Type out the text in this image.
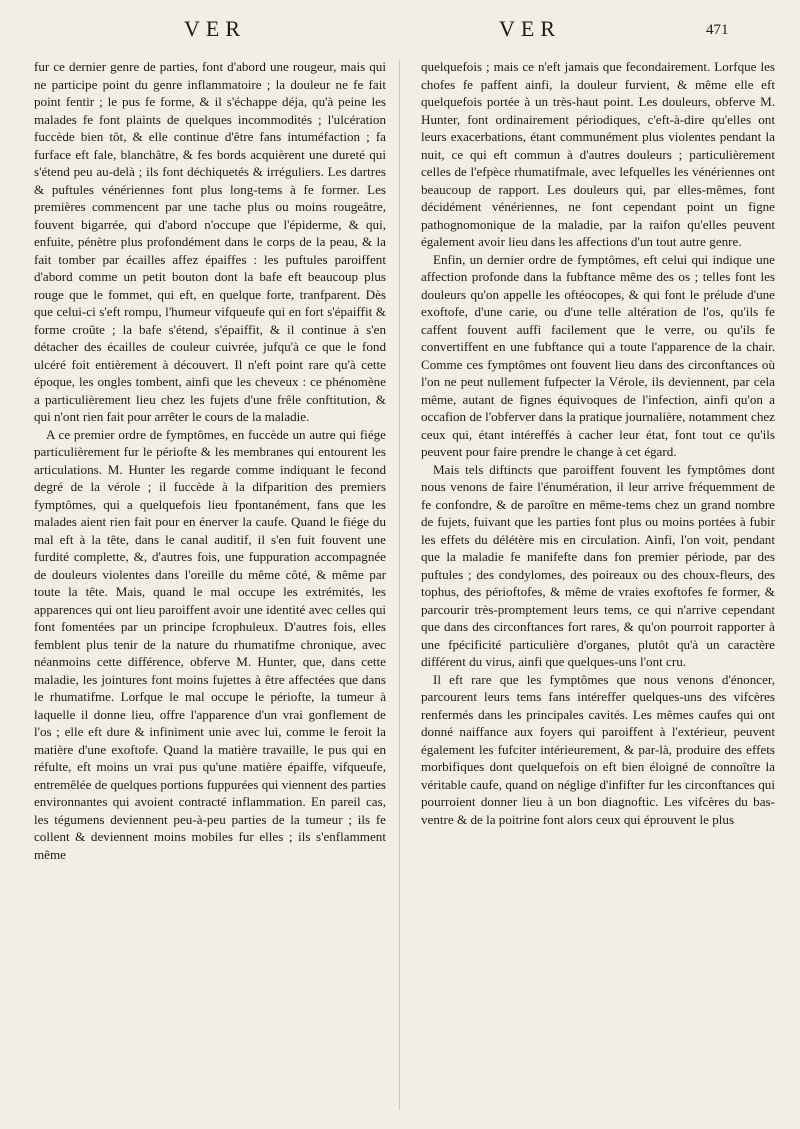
VER	VER	471

fur ce dernier genre de parties, font d'abord une rougeur, mais qui ne participe point du genre inflammatoire ; la douleur ne fe fait point fentir ; le pus fe forme, & il s'échappe déja, qu'à peine les malades fe font plaints de quelques incommodités ; l'ulcération fuccède bien tôt, & elle continue d'être fans intuméfaction ; fa furface eft fale, blanchâtre, & fes bords acquièrent une dureté qui s'étend peu au-delà ; ils font déchiquetés & irréguliers. Les dartres & puftules vénériennes font plus long-tems à fe former. Les premières commencent par une tache plus ou moins rougeâtre, fouvent bigarrée, qui d'abord n'occupe que l'épiderme, & qui, enfuite, pénètre plus profondément dans le corps de la peau, & la fait tomber par écailles affez épaiffes : les puftules paroiffent d'abord comme un petit bouton dont la bafe eft beaucoup plus rouge que le fommet, qui eft, en quelque forte, tranfparent. Dès que celui-ci s'eft rompu, l'humeur vifqueufe qui en fort s'épaiffit & forme croûte ; la bafe s'étend, s'épaiffit, & il continue à s'en détacher des écailles de couleur cuivrée, jufqu'à ce que le fond ulcéré foit entièrement à découvert. Il n'eft point rare qu'à cette époque, les ongles tombent, ainfi que les cheveux : ce phénomène a particulièrement lieu chez les fujets d'une frêle conftitution, & qui n'ont rien fait pour arrêter le cours de la maladie.

A ce premier ordre de fymptômes, en fuccède un autre qui fiége particulièrement fur le périofte & les membranes qui entourent les articulations. M. Hunter les regarde comme indiquant le fecond degré de la vérole ; il fuccède à la difparition des premiers fymptômes, qui a quelquefois lieu fpontanément, fans que les malades aient rien fait pour en énerver la caufe. Quand le fiége du mal eft à la tête, dans le canal auditif, il s'en fuit fouvent une furdité complette, &, d'autres fois, une fuppuration accompagnée de douleurs violentes dans l'oreille du même côté, & même par toute la tête. Mais, quand le mal occupe les extrémités, les apparences qui ont lieu paroiffent avoir une identité avec celles qui font fomentées par un principe fcrophuleux. D'autres fois, elles femblent plus tenir de la nature du rhumatifme chronique, avec néanmoins cette différence, obferve M. Hunter, que, dans cette maladie, les jointures font moins fujettes à être affectées que dans le rhumatifme. Lorfque le mal occupe le périofte, la tumeur à laquelle il donne lieu, offre l'apparence d'un vrai gonflement de l'os ; elle eft dure & infiniment unie avec lui, comme le feroit la matière d'une exoftofe. Quand la matière travaille, le pus qui en réfulte, eft moins un vrai pus qu'une matière épaiffe, vifqueufe, entremêlée de quelques portions fuppurées qui viennent des parties environnantes qui avoient contracté inflammation. En pareil cas, les tégumens deviennent peu-à-peu parties de la tumeur ; ils fe collent & deviennent moins mobiles fur elles ; ils s'enflamment même

quelquefois ; mais ce n'eft jamais que fecondairement. Lorfque les chofes fe paffent ainfi, la douleur furvient, & même elle eft quelquefois portée à un très-haut point. Les douleurs, obferve M. Hunter, font ordinairement périodiques, c'eft-à-dire qu'elles ont leurs exacerbations, étant communément plus violentes pendant la nuit, ce qui eft commun à d'autres douleurs ; particulièrement celles de l'efpèce rhumatifmale, avec lefquelles les vénériennes ont beaucoup de rapport. Les douleurs qui, par elles-mêmes, font décidément vénériennes, ne font cependant point un figne pathognomonique de la maladie, par la raifon qu'elles peuvent également avoir lieu dans les affections d'un tout autre genre.

Enfin, un dernier ordre de fymptômes, eft celui qui indique une affection profonde dans la fubftance même des os ; telles font les douleurs qu'on appelle les oftéocopes, & qui font le prélude d'une exoftofe, d'une carie, ou d'une telle altération de l'os, qu'ils fe caffent fouvent auffi facilement que le verre, ou qu'ils fe convertiffent en une fubftance qui a toute l'apparence de la chair. Comme ces fymptômes ont fouvent lieu dans des circonftances où l'on ne peut nullement fufpecter la Vérole, ils deviennent, par cela même, autant de fignes équivoques de l'infection, ainfi qu'on a occafion de l'obferver dans la pratique journalière, notamment chez ceux qui, étant intéreffés à cacher leur état, font tout ce qu'ils peuvent pour faire prendre le change à cet égard.

Mais tels diftincts que paroiffent fouvent les fymptômes dont nous venons de faire l'énumération, il leur arrive fréquemment de fe confondre, & de paroître en même-tems chez un grand nombre de fujets, fuivant que les parties font plus ou moins portées à fubir les effets du délétère mis en circulation. Ainfi, l'on voit, pendant que la maladie fe manifefte dans fon premier période, par des puftules ; des condylomes, des poireaux ou des choux-fleurs, des tophus, des périoftofes, & même de vraies exoftofes fe former, & parcourir très-promptement leurs tems, ce qui n'arrive cependant que dans des circonftances fort rares, & qu'on pourroit rapporter à une fpécificité particulière d'organes, plutôt qu'à un caractère différent du virus, ainfi que quelques-uns l'ont cru.

Il eft rare que les fymptômes que nous venons d'énoncer, parcourent leurs tems fans intéreffer quelques-uns des vifcères renfermés dans les principales cavités. Les mêmes caufes qui ont donné naiffance aux foyers qui paroiffent à l'extérieur, peuvent également les fufciter intérieurement, & par-là, produire des effets morbifiques dont quelquefois on eft bien éloigné de connoître la véritable caufe, quand on néglige d'infifter fur les circonftances qui pourroient donner lieu à un bon diagnoftic. Les vifcères du bas-ventre & de la poitrine font alors ceux qui éprouvent le plus
